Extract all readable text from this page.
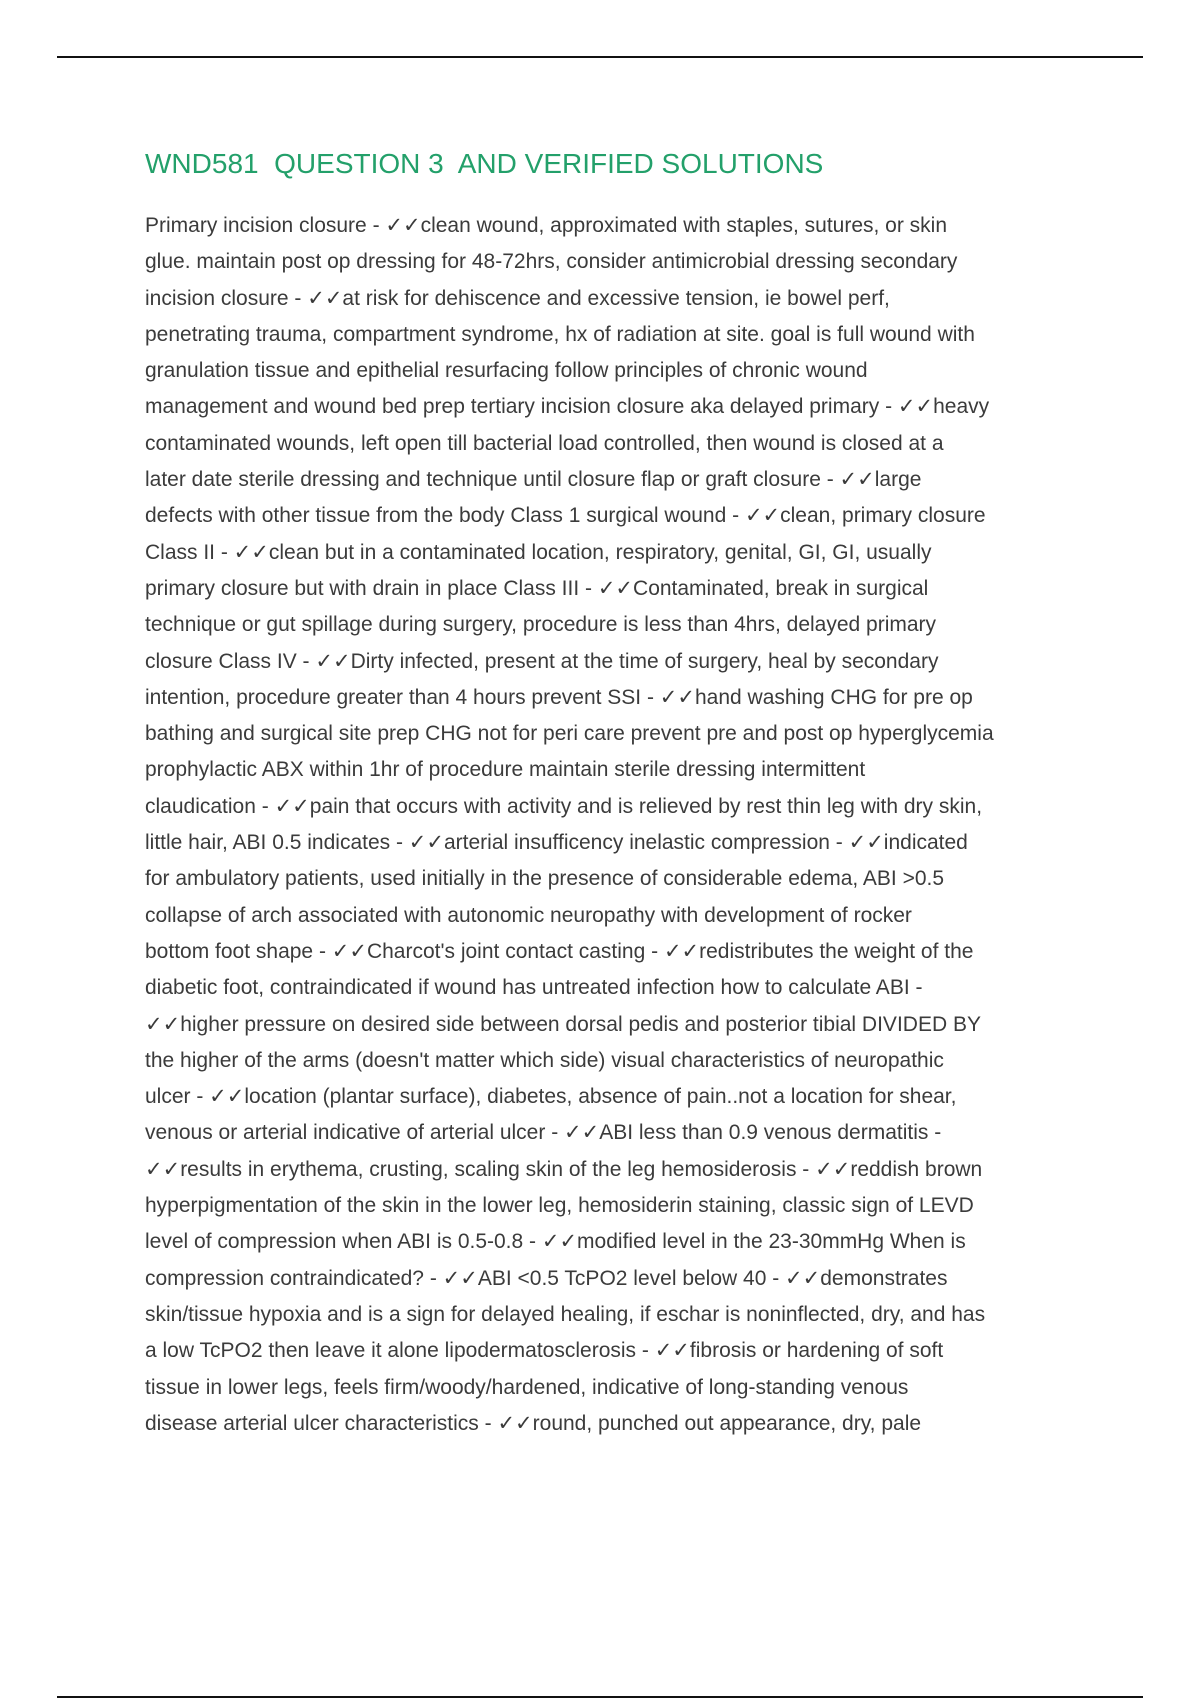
WND581  QUESTION 3  AND VERIFIED SOLUTIONS
Primary incision closure - ✓✓clean wound, approximated with staples, sutures, or skin
glue. maintain post op dressing for 48-72hrs, consider antimicrobial dressing secondary
incision closure - ✓✓at risk for dehiscence and excessive tension, ie bowel perf,
penetrating trauma, compartment syndrome, hx of radiation at site. goal is full wound with
granulation tissue and epithelial resurfacing follow principles of chronic wound
management and wound bed prep tertiary incision closure aka delayed primary - ✓✓heavy
contaminated wounds, left open till bacterial load controlled, then wound is closed at a
later date sterile dressing and technique until closure flap or graft closure - ✓✓large
defects with other tissue from the body Class 1 surgical wound - ✓✓clean, primary closure
Class II - ✓✓clean but in a contaminated location, respiratory, genital, GI, GI, usually
primary closure but with drain in place Class III - ✓✓Contaminated, break in surgical
technique or gut spillage during surgery, procedure is less than 4hrs, delayed primary
closure Class IV - ✓✓Dirty infected, present at the time of surgery, heal by secondary
intention, procedure greater than 4 hours prevent SSI - ✓✓hand washing CHG for pre op
bathing and surgical site prep CHG not for peri care prevent pre and post op hyperglycemia
prophylactic ABX within 1hr of procedure maintain sterile dressing intermittent
claudication - ✓✓pain that occurs with activity and is relieved by rest thin leg with dry skin,
little hair, ABI 0.5 indicates - ✓✓arterial insufficency inelastic compression - ✓✓indicated
for ambulatory patients, used initially in the presence of considerable edema, ABI >0.5
collapse of arch associated with autonomic neuropathy with development of rocker
bottom foot shape - ✓✓Charcot's joint contact casting - ✓✓redistributes the weight of the
diabetic foot, contraindicated if wound has untreated infection how to calculate ABI -
✓✓higher pressure on desired side between dorsal pedis and posterior tibial DIVIDED BY
the higher of the arms (doesn't matter which side) visual characteristics of neuropathic
ulcer - ✓✓location (plantar surface), diabetes, absence of pain..not a location for shear,
venous or arterial indicative of arterial ulcer - ✓✓ABI less than 0.9 venous dermatitis -
✓✓results in erythema, crusting, scaling skin of the leg hemosiderosis - ✓✓reddish brown
hyperpigmentation of the skin in the lower leg, hemosiderin staining, classic sign of LEVD
level of compression when ABI is 0.5-0.8 - ✓✓modified level in the 23-30mmHg When is
compression contraindicated? - ✓✓ABI <0.5 TcPO2 level below 40 - ✓✓demonstrates
skin/tissue hypoxia and is a sign for delayed healing, if eschar is noninflected, dry, and has
a low TcPO2 then leave it alone lipodermatosclerosis - ✓✓fibrosis or hardening of soft
tissue in lower legs, feels firm/woody/hardened, indicative of long-standing venous
disease arterial ulcer characteristics - ✓✓round, punched out appearance, dry, pale
